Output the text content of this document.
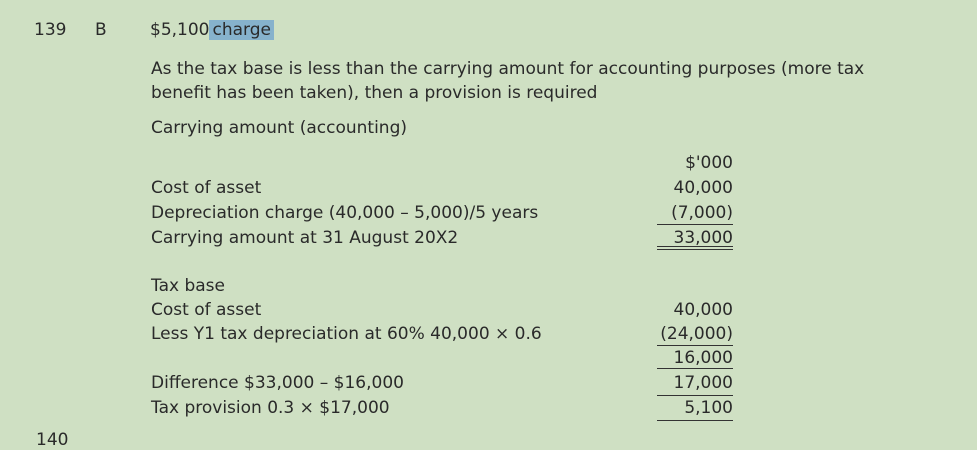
139 B	$5,100 charge
As the tax base is less than the carrying amount for accounting purposes (more tax
benefit has been taken), then a provision is required
Carrying amount (accounting)
Cost of asset
Depreciation charge (40,000 – 5,000)/5 years
Carrying amount at 31 August 20X2
$'000
40,000
(7,000)
33,000
Tax base
Cost of asset
Less Y1 tax depreciation at 60% 40,000 × 0.6
40,000
(24,000)
16,000
Difference $33,000 – $16,000
Tax provision 0.3 × $17,000
17,000
5,100
140
